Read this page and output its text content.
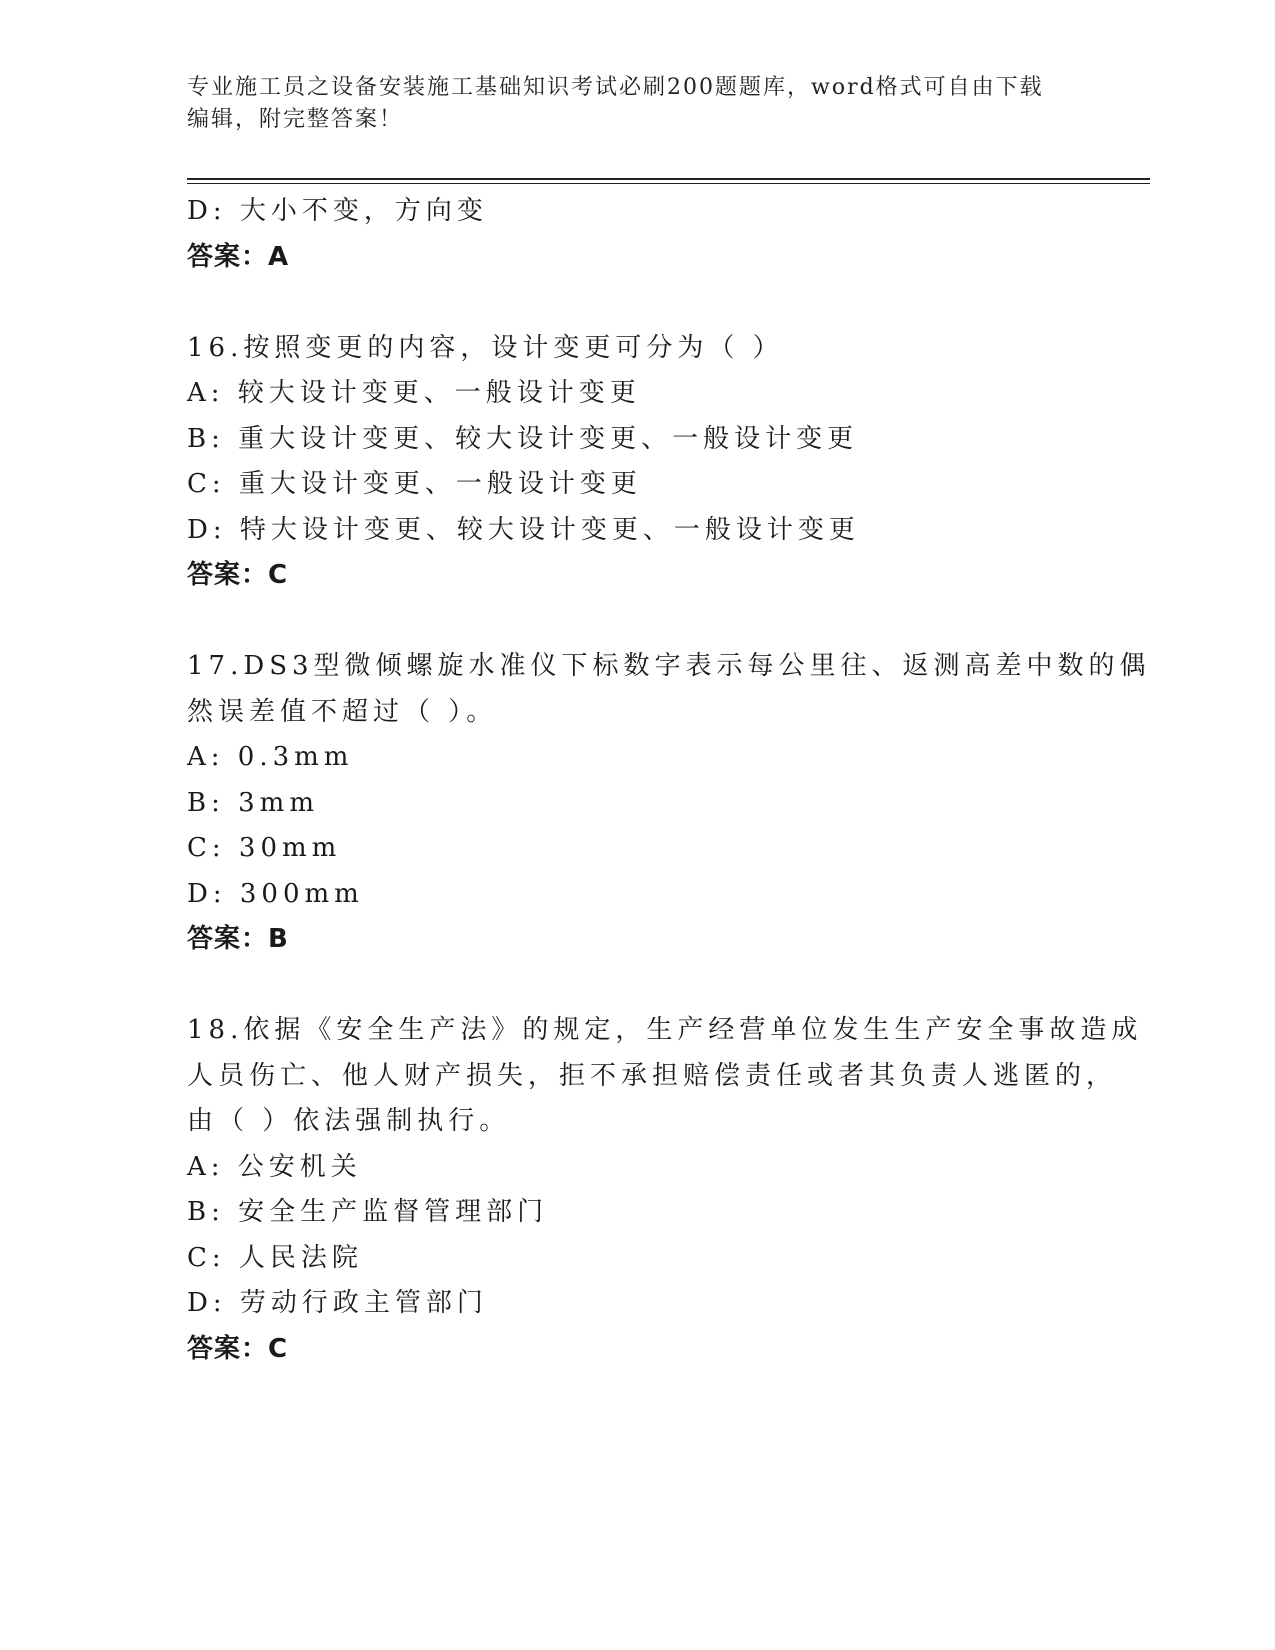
专业施工员之设备安装施工基础知识考试必刷200题题库，word格式可自由下载
编辑，附完整答案！
D: 大小不变，方向变
答案：A
16.按照变更的内容，设计变更可分为（ ）
A: 较大设计变更、一般设计变更
B: 重大设计变更、较大设计变更、一般设计变更
C: 重大设计变更、一般设计变更
D: 特大设计变更、较大设计变更、一般设计变更
答案：C
17.DS3型微倾螺旋水准仪下标数字表示每公里往、返测高差中数的偶
然误差值不超过（ ）。
A: 0.3mm
B: 3mm
C: 30mm
D: 300mm
答案：B
18.依据《安全生产法》的规定，生产经营单位发生生产安全事故造成
人员伤亡、他人财产损失，拒不承担赔偿责任或者其负责人逃匿的，
由（ ）依法强制执行。
A: 公安机关
B: 安全生产监督管理部门
C: 人民法院
D: 劳动行政主管部门
答案：C
